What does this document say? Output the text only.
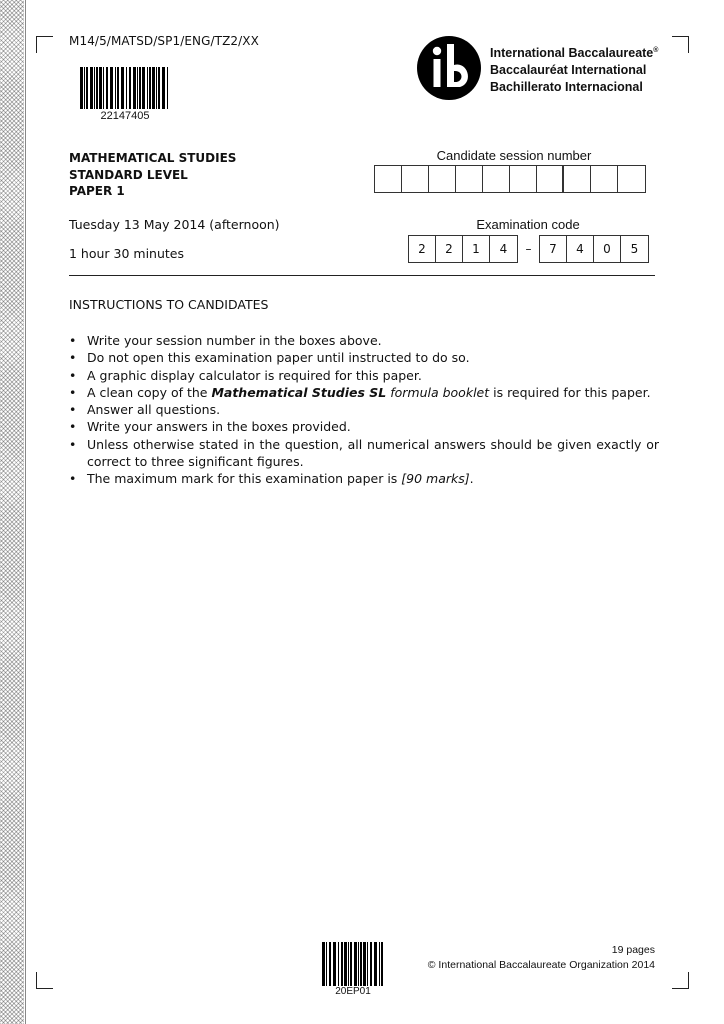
M14/5/MATSD/SP1/ENG/TZ2/XX
22147405
International Baccalaureate®
Baccalauréat International
Bachillerato Internacional
MATHEMATICAL STUDIES
STANDARD LEVEL
PAPER 1
Candidate session number
Tuesday 13 May 2014 (afternoon)
1 hour 30 minutes
Examination code
2	2	1	4	–	7	4	0	5
INSTRUCTIONS TO CANDIDATES
• Write your session number in the boxes above.
• Do not open this examination paper until instructed to do so.
• A graphic display calculator is required for this paper.
• A clean copy of the Mathematical Studies SL formula booklet is required for this paper.
• Answer all questions.
• Write your answers in the boxes provided.
• Unless otherwise stated in the question, all numerical answers should be given exactly or correct to three significant figures.
• The maximum mark for this examination paper is [90 marks].
20EP01
19 pages
© International Baccalaureate Organization 2014
